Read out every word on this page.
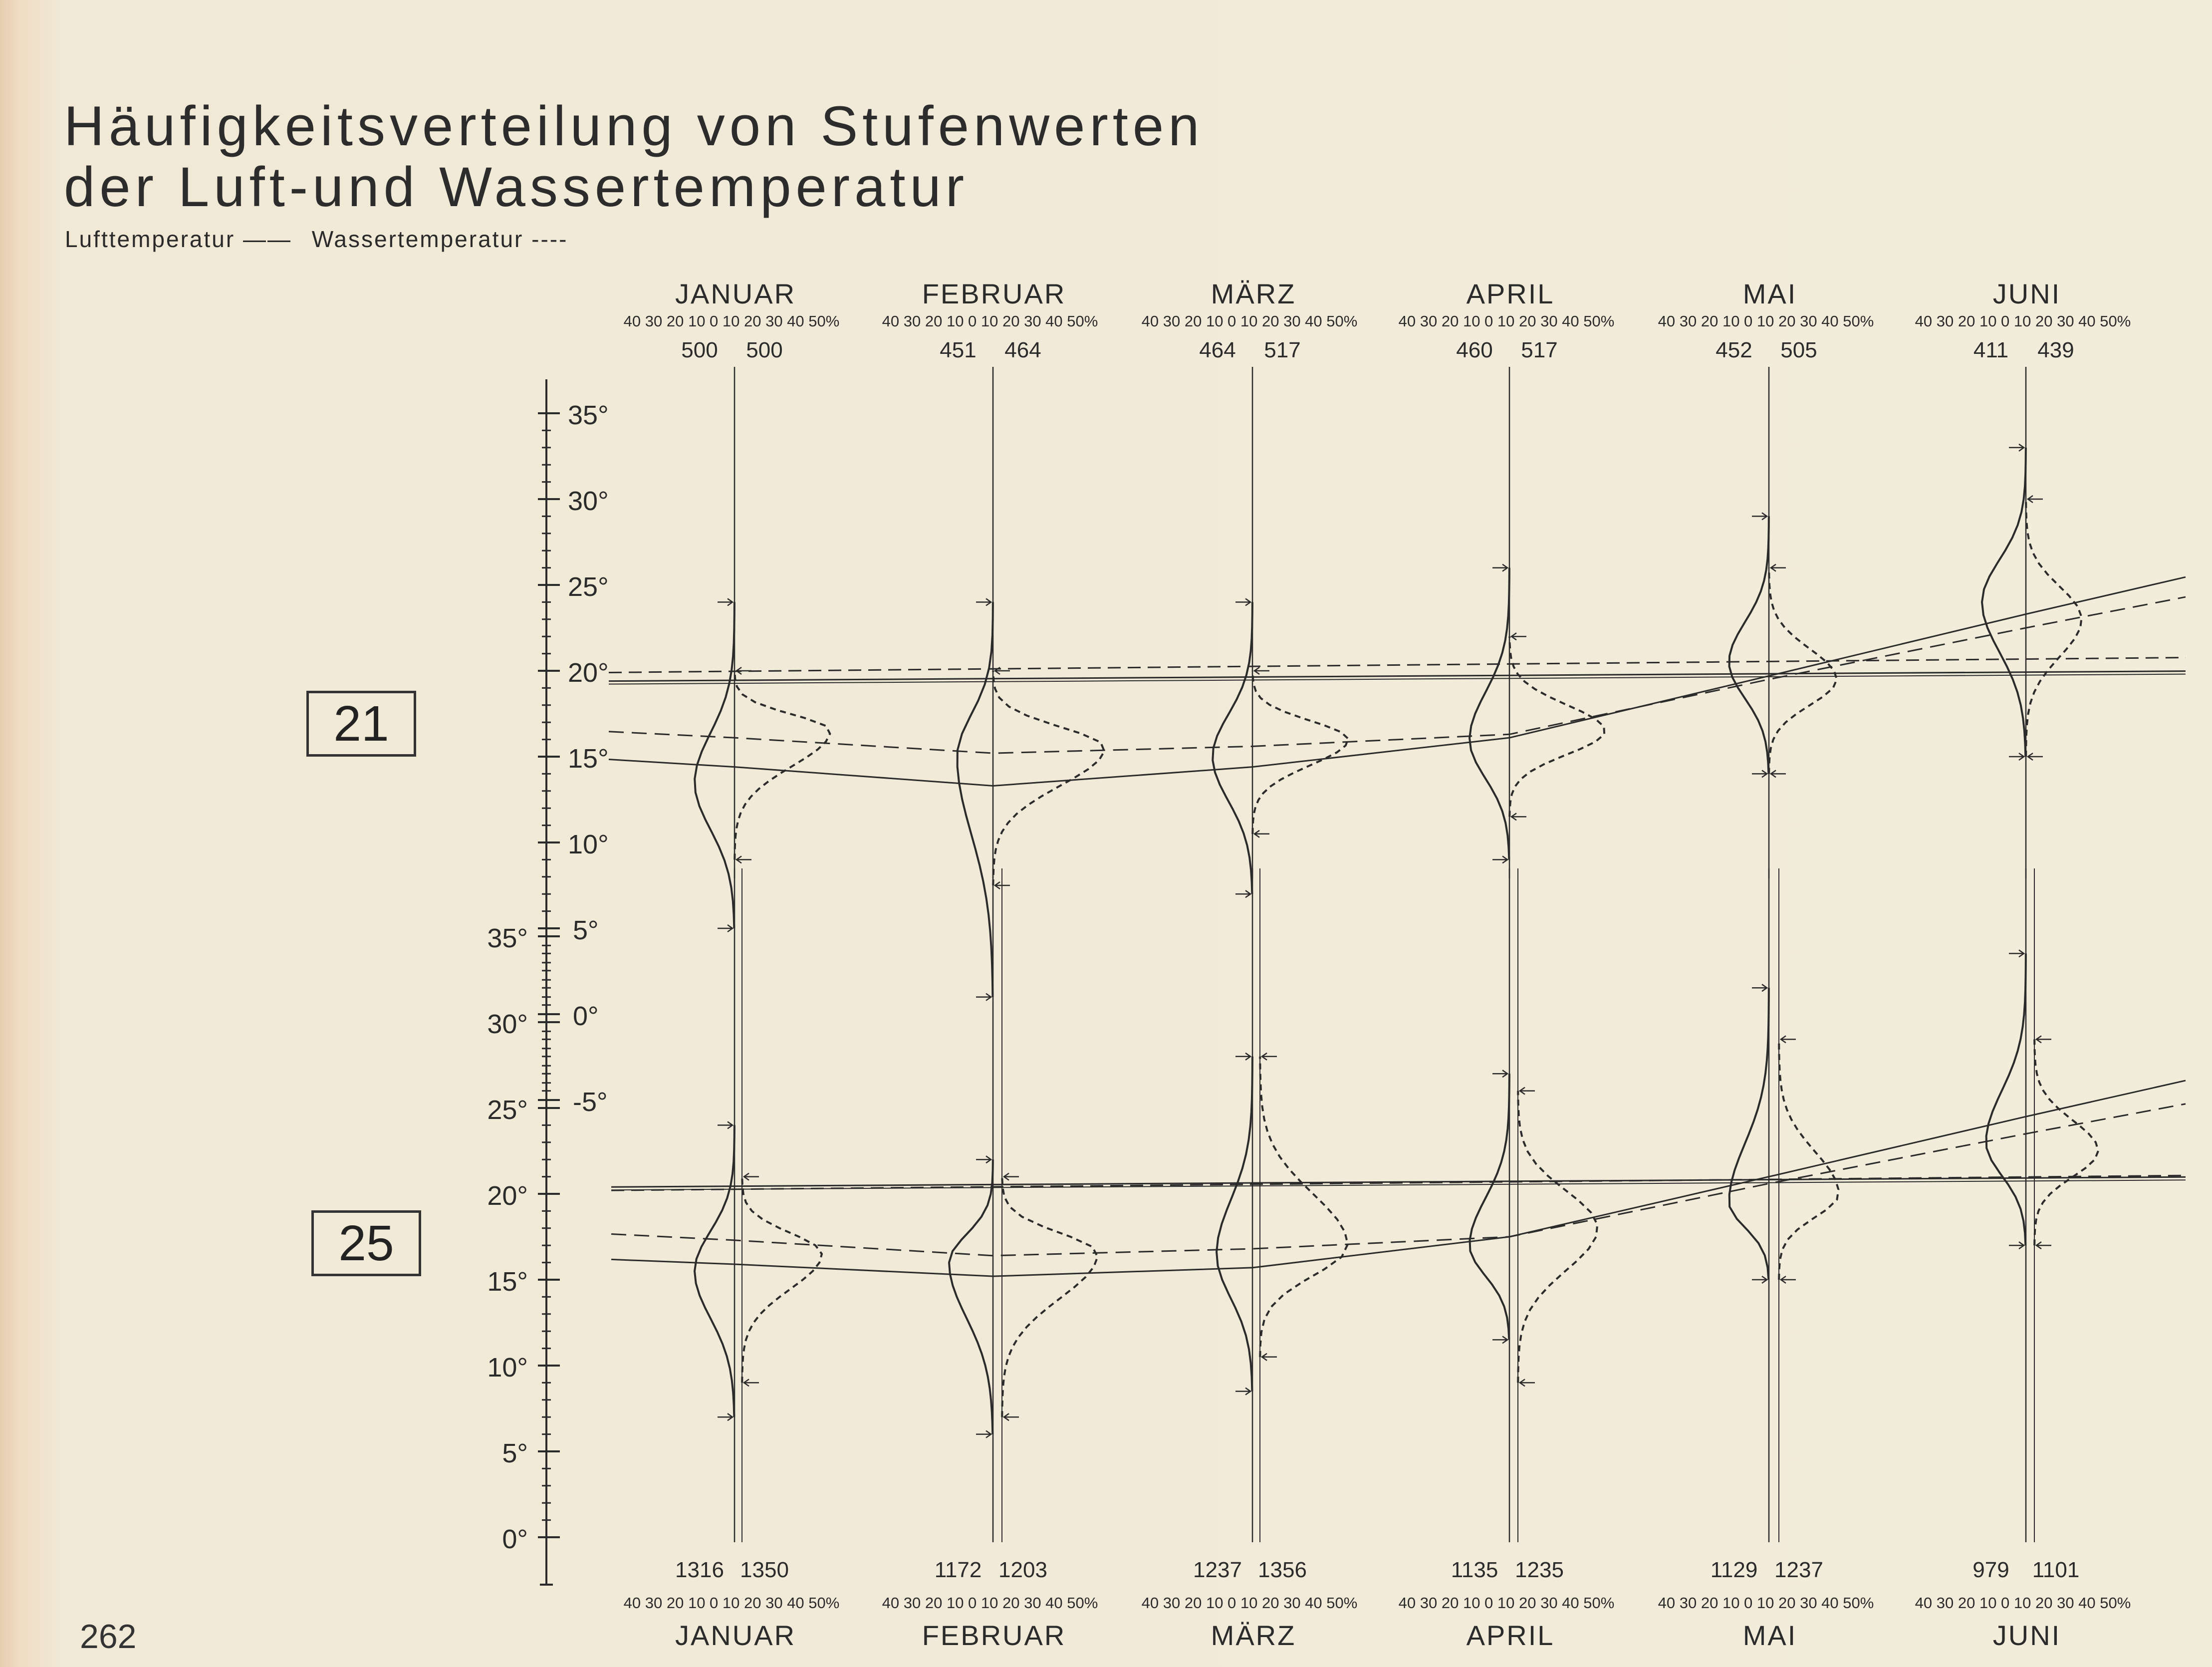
Häufigkeitsverteilung von Stufenwerten
der Luft-und Wassertemperatur
Lufttemperatur —— Wassertemperatur ----
21
25
262
35°
30°
25°
20°
15°
10°
5°
0°
-5°
JANUAR
40 30 20 10 0 10 20 30 40 50%
500 500
FEBRUAR
40 30 20 10 0 10 20 30 40 50%
451 464
MÄRZ
40 30 20 10 0 10 20 30 40 50%
464 517
APRIL
40 30 20 10 0 10 20 30 40 50%
460 517
MAI
40 30 20 10 0 10 20 30 40 50%
452 505
JUNI
40 30 20 10 0 10 20 30 40 50%
411 439
35°
30°
25°
20°
15°
10°
5°
0°
JANUAR
40 30 20 10 0 10 20 30 40 50%
1316 1350
FEBRUAR
40 30 20 10 0 10 20 30 40 50%
1172 1203
MÄRZ
40 30 20 10 0 10 20 30 40 50%
1237 1356
APRIL
40 30 20 10 0 10 20 30 40 50%
1135 1235
MAI
40 30 20 10 0 10 20 30 40 50%
1129 1237
JUNI
40 30 20 10 0 10 20 30 40 50%
979 1101
